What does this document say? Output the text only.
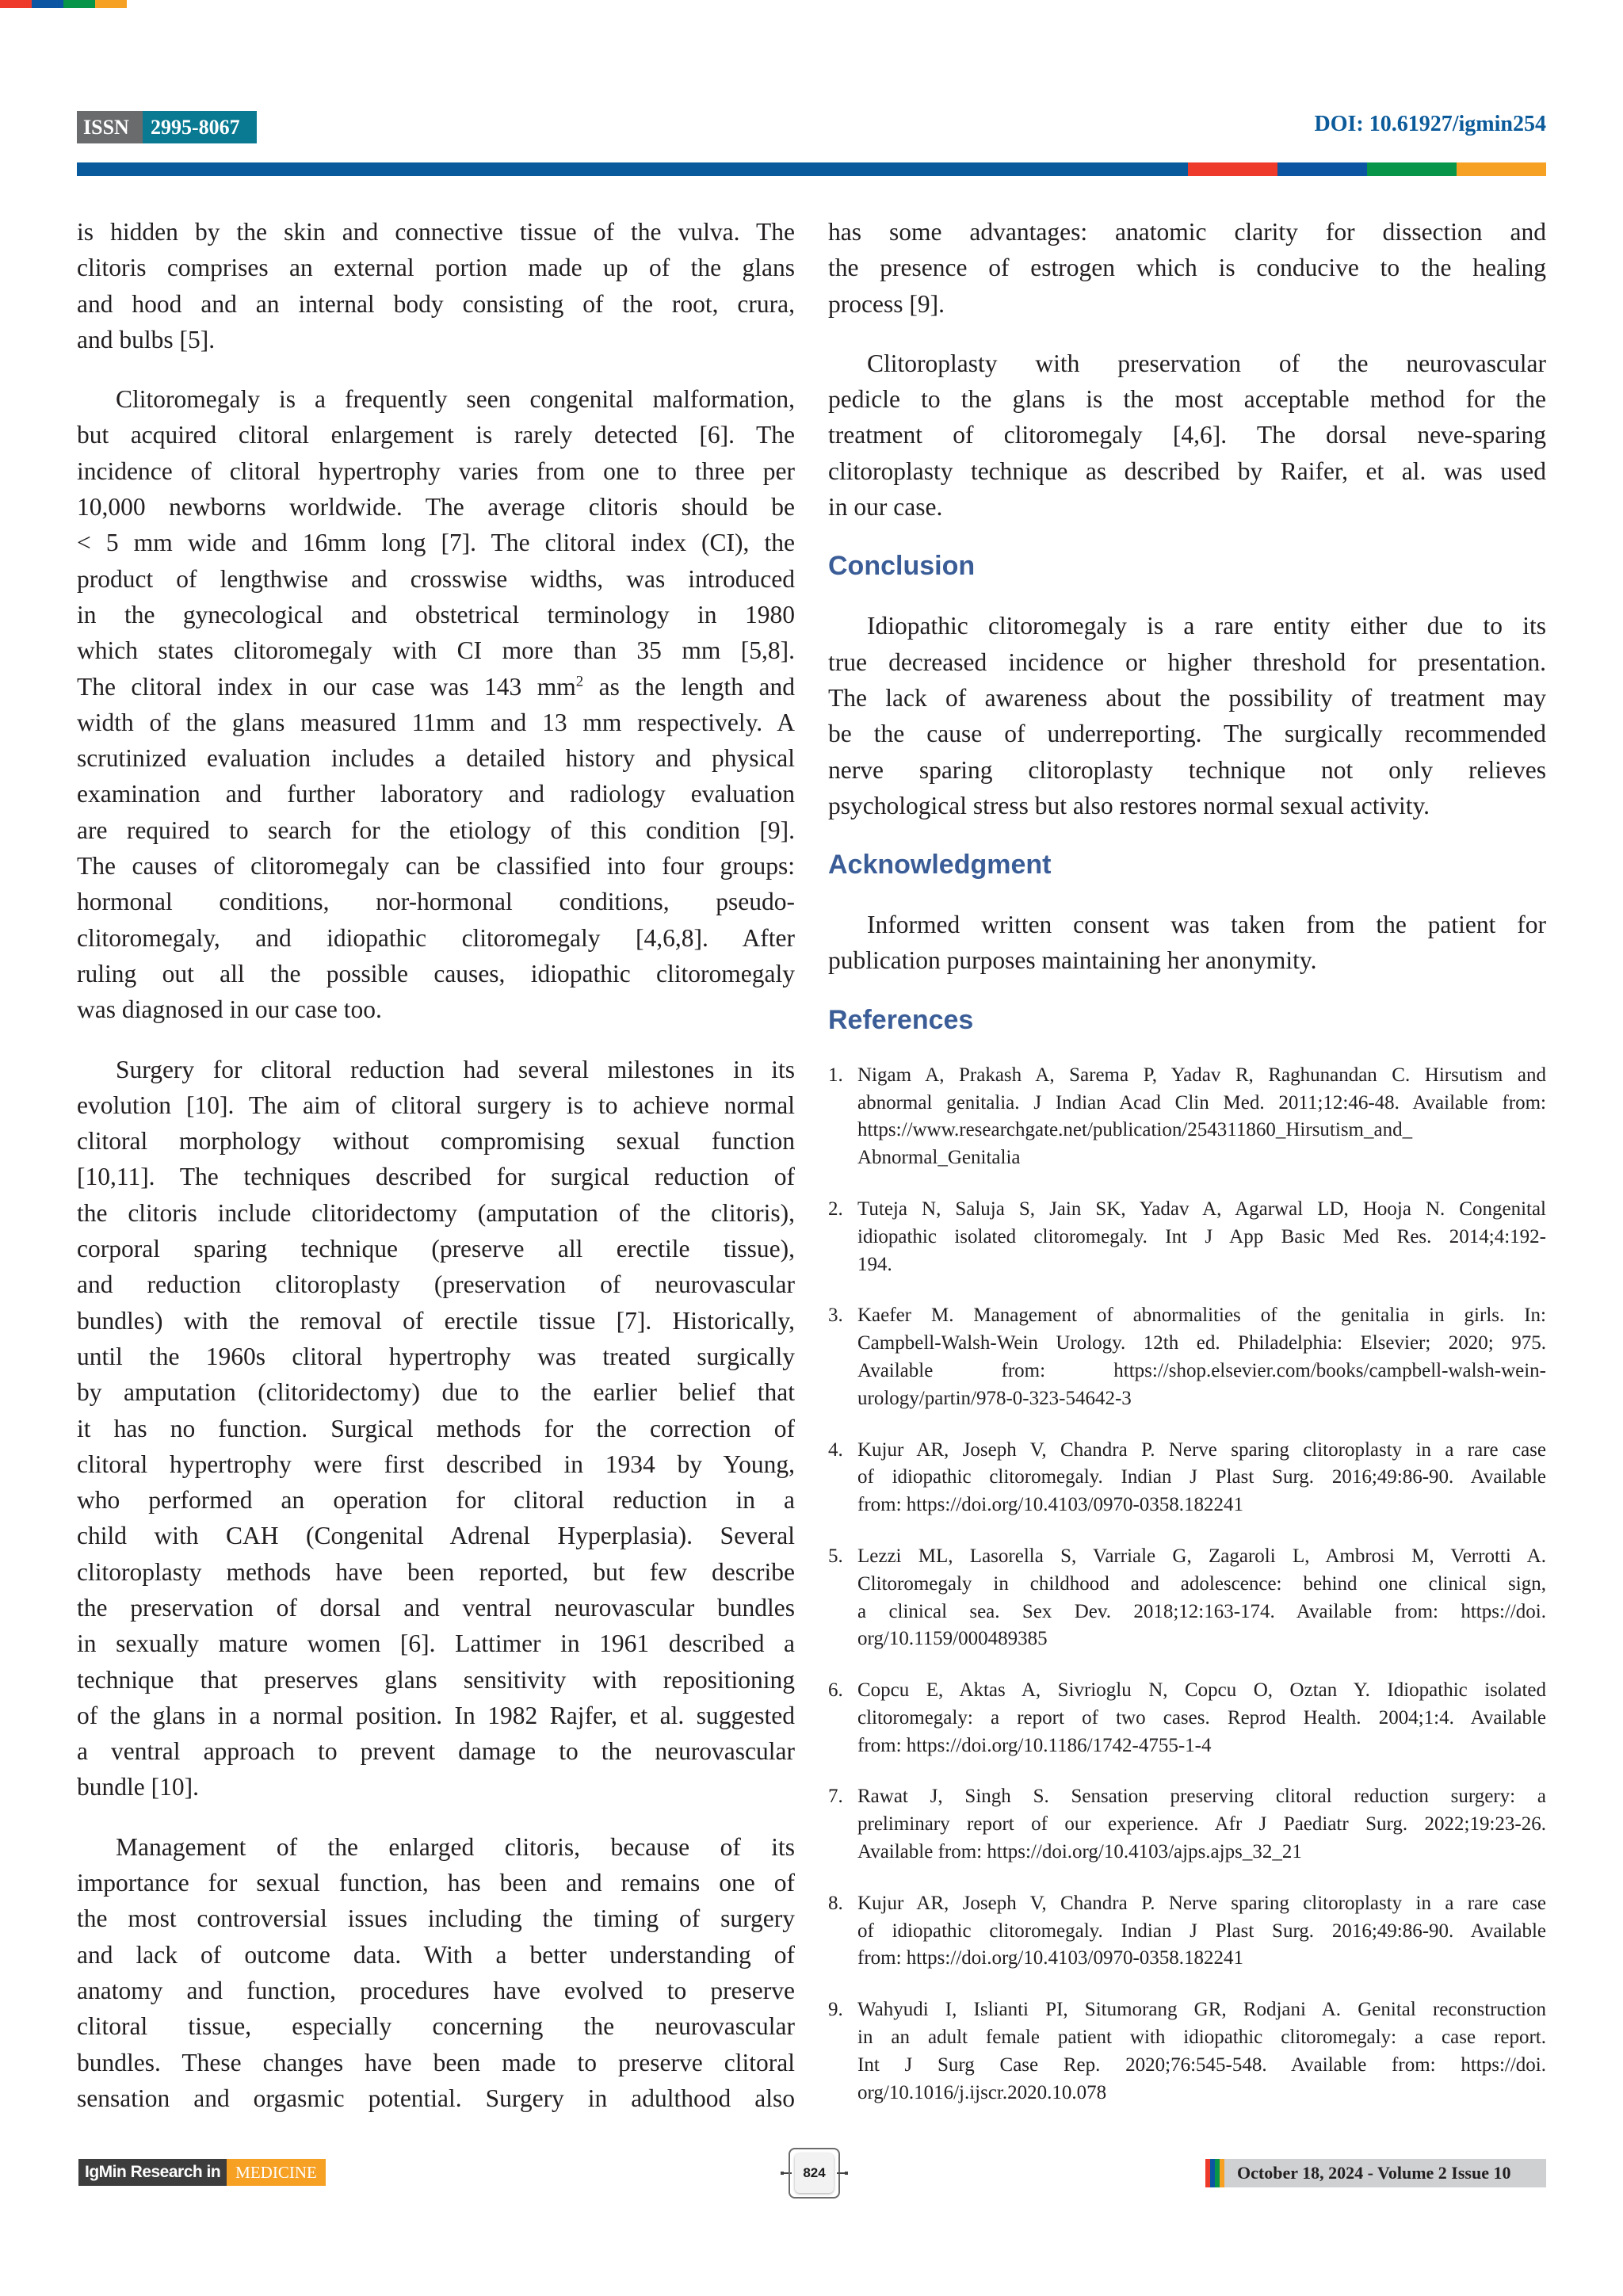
ISSN	2995-8067	DOI: 10.61927/igmin254

is hidden by the skin and connective tissue of the vulva. The
clitoris comprises an external portion made up of the glans
and hood and an internal body consisting of the root, crura,
and bulbs [5].

Clitoromegaly is a frequently seen congenital malformation,
but acquired clitoral enlargement is rarely detected [6]. The
incidence of clitoral hypertrophy varies from one to three per
10,000 newborns worldwide. The average clitoris should be
< 5 mm wide and 16mm long [7]. The clitoral index (CI), the
product of lengthwise and crosswise widths, was introduced
in the gynecological and obstetrical terminology in 1980
which states clitoromegaly with CI more than 35 mm [5,8].
The clitoral index in our case was 143 $mm^2$ as the length and
width of the glans measured 11mm and 13 mm respectively. A
scrutinized evaluation includes a detailed history and physical
examination and further laboratory and radiology evaluation
are required to search for the etiology of this condition [9].
The causes of clitoromegaly can be classified into four groups:
hormonal conditions, nor-hormonal conditions, pseudo-
clitoromegaly, and idiopathic clitoromegaly [4,6,8]. After
ruling out all the possible causes, idiopathic clitoromegaly
was diagnosed in our case too.

Surgery for clitoral reduction had several milestones in its
evolution [10]. The aim of clitoral surgery is to achieve normal
clitoral morphology without compromising sexual function
[10,11]. The techniques described for surgical reduction of
the clitoris include clitoridectomy (amputation of the clitoris),
corporal sparing technique (preserve all erectile tissue),
and reduction clitoroplasty (preservation of neurovascular
bundles) with the removal of erectile tissue [7]. Historically,
until the 1960s clitoral hypertrophy was treated surgically
by amputation (clitoridectomy) due to the earlier belief that
it has no function. Surgical methods for the correction of
clitoral hypertrophy were first described in 1934 by Young,
who performed an operation for clitoral reduction in a
child with CAH (Congenital Adrenal Hyperplasia). Several
clitoroplasty methods have been reported, but few describe
the preservation of dorsal and ventral neurovascular bundles
in sexually mature women [6]. Lattimer in 1961 described a
technique that preserves glans sensitivity with repositioning
of the glans in a normal position. In 1982 Rajfer, et al. suggested
a ventral approach to prevent damage to the neurovascular
bundle [10].

Management of the enlarged clitoris, because of its
importance for sexual function, has been and remains one of
the most controversial issues including the timing of surgery
and lack of outcome data. With a better understanding of
anatomy and function, procedures have evolved to preserve
clitoral tissue, especially concerning the neurovascular
bundles. These changes have been made to preserve clitoral
sensation and orgasmic potential. Surgery in adulthood also

has some advantages: anatomic clarity for dissection and
the presence of estrogen which is conducive to the healing
process [9].

Clitoroplasty with preservation of the neurovascular
pedicle to the glans is the most acceptable method for the
treatment of clitoromegaly [4,6]. The dorsal neve-sparing
clitoroplasty technique as described by Raifer, et al. was used
in our case.

Conclusion

Idiopathic clitoromegaly is a rare entity either due to its
true decreased incidence or higher threshold for presentation.
The lack of awareness about the possibility of treatment may
be the cause of underreporting. The surgically recommended
nerve sparing clitoroplasty technique not only relieves
psychological stress but also restores normal sexual activity.

Acknowledgment

Informed written consent was taken from the patient for
publication purposes maintaining her anonymity.

References
1. Nigam A, Prakash A, Sarema P, Yadav R, Raghunandan C. Hirsutism and
abnormal genitalia. J Indian Acad Clin Med. 2011;12:46-48. Available from:
https://www.researchgate.net/publication/254311860_Hirsutism_and_
Abnormal_Genitalia
2. Tuteja N, Saluja S, Jain SK, Yadav A, Agarwal LD, Hooja N. Congenital
idiopathic isolated clitoromegaly. Int J App Basic Med Res. 2014;4:192-
194.
3. Kaefer M. Management of abnormalities of the genitalia in girls. In:
Campbell-Walsh-Wein Urology. 12th ed. Philadelphia: Elsevier; 2020; 975.
Available from: https://shop.elsevier.com/books/campbell-walsh-wein-
urology/partin/978-0-323-54642-3
4. Kujur AR, Joseph V, Chandra P. Nerve sparing clitoroplasty in a rare case
of idiopathic clitoromegaly. Indian J Plast Surg. 2016;49:86-90. Available
from: https://doi.org/10.4103/0970-0358.182241
5. Lezzi ML, Lasorella S, Varriale G, Zagaroli L, Ambrosi M, Verrotti A.
Clitoromegaly in childhood and adolescence: behind one clinical sign,
a clinical sea. Sex Dev. 2018;12:163-174. Available from: https://doi.
org/10.1159/000489385
6. Copcu E, Aktas A, Sivrioglu N, Copcu O, Oztan Y. Idiopathic isolated
clitoromegaly: a report of two cases. Reprod Health. 2004;1:4. Available
from: https://doi.org/10.1186/1742-4755-1-4
7. Rawat J, Singh S. Sensation preserving clitoral reduction surgery: a
preliminary report of our experience. Afr J Paediatr Surg. 2022;19:23-26.
Available from: https://doi.org/10.4103/ajps.ajps_32_21
8. Kujur AR, Joseph V, Chandra P. Nerve sparing clitoroplasty in a rare case
of idiopathic clitoromegaly. Indian J Plast Surg. 2016;49:86-90. Available
from: https://doi.org/10.4103/0970-0358.182241
9. Wahyudi I, Islianti PI, Situmorang GR, Rodjani A. Genital reconstruction
in an adult female patient with idiopathic clitoromegaly: a case report.
Int J Surg Case Rep. 2020;76:545-548. Available from: https://doi.
org/10.1016/j.ijscr.2020.10.078
IgMin Research in MEDICINE	824	October 18, 2024 - Volume 2 Issue 10
